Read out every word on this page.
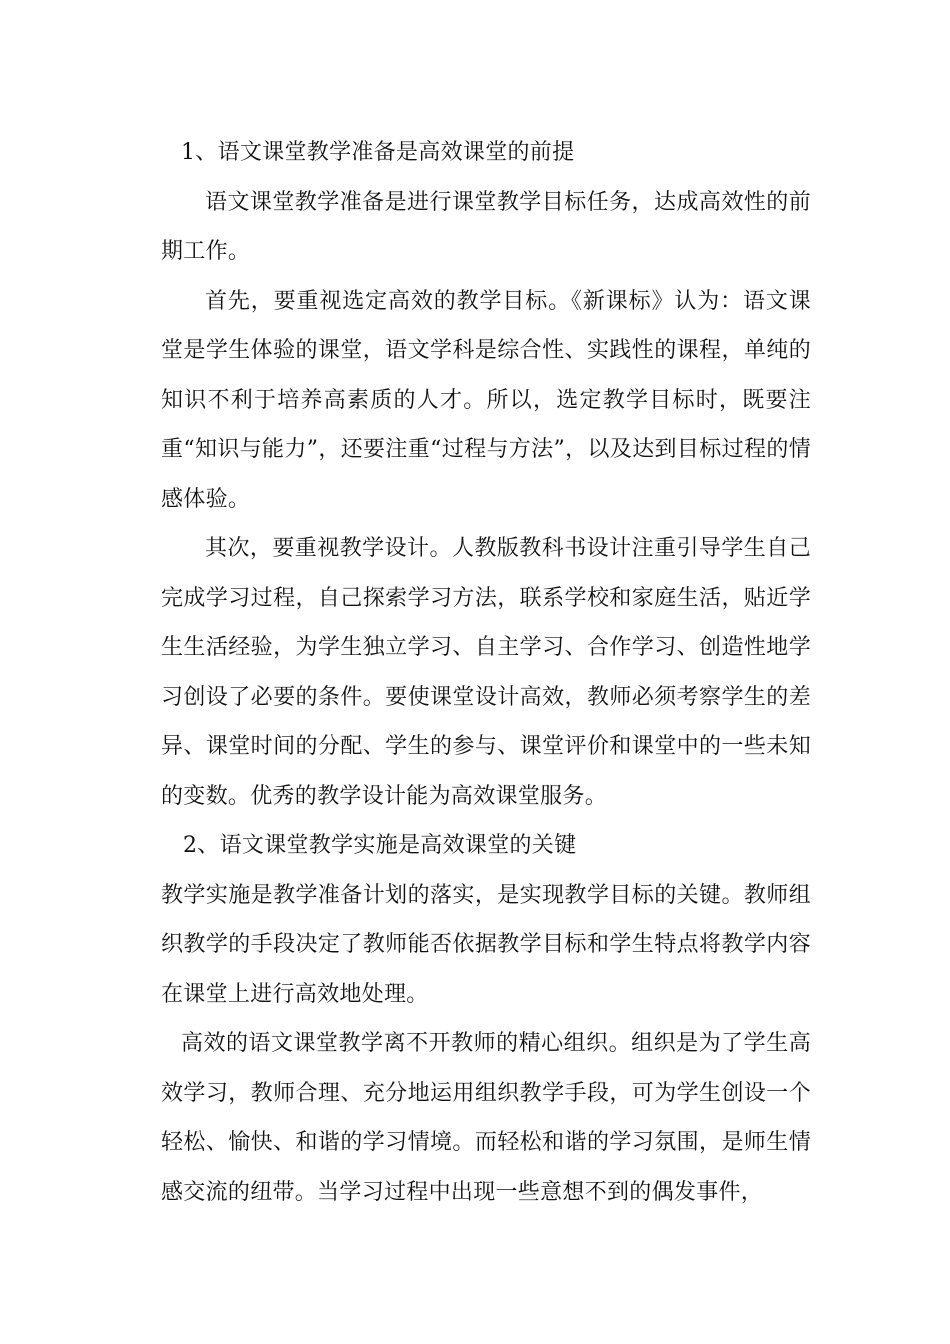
1、语文课堂教学准备是高效课堂的前提

语文课堂教学准备是进行课堂教学目标任务，达成高效性的前期工作。

首先，要重视选定高效的教学目标。《新课标》认为：语文课堂是学生体验的课堂，语文学科是综合性、实践性的课程，单纯的知识不利于培养高素质的人才。所以，选定教学目标时，既要注重“知识与能力”，还要注重“过程与方法”，以及达到目标过程的情感体验。

其次，要重视教学设计。人教版教科书设计注重引导学生自己完成学习过程，自己探索学习方法，联系学校和家庭生活，贴近学生生活经验，为学生独立学习、自主学习、合作学习、创造性地学习创设了必要的条件。要使课堂设计高效，教师必须考察学生的差异、课堂时间的分配、学生的参与、课堂评价和课堂中的一些未知的变数。优秀的教学设计能为高效课堂服务。

2、语文课堂教学实施是高效课堂的关键

教学实施是教学准备计划的落实，是实现教学目标的关键。教师组织教学的手段决定了教师能否依据教学目标和学生特点将教学内容在课堂上进行高效地处理。

高效的语文课堂教学离不开教师的精心组织。组织是为了学生高效学习，教师合理、充分地运用组织教学手段，可为学生创设一个轻松、愉快、和谐的学习情境。而轻松和谐的学习氛围，是师生情感交流的纽带。当学习过程中出现一些意想不到的偶发事件，
